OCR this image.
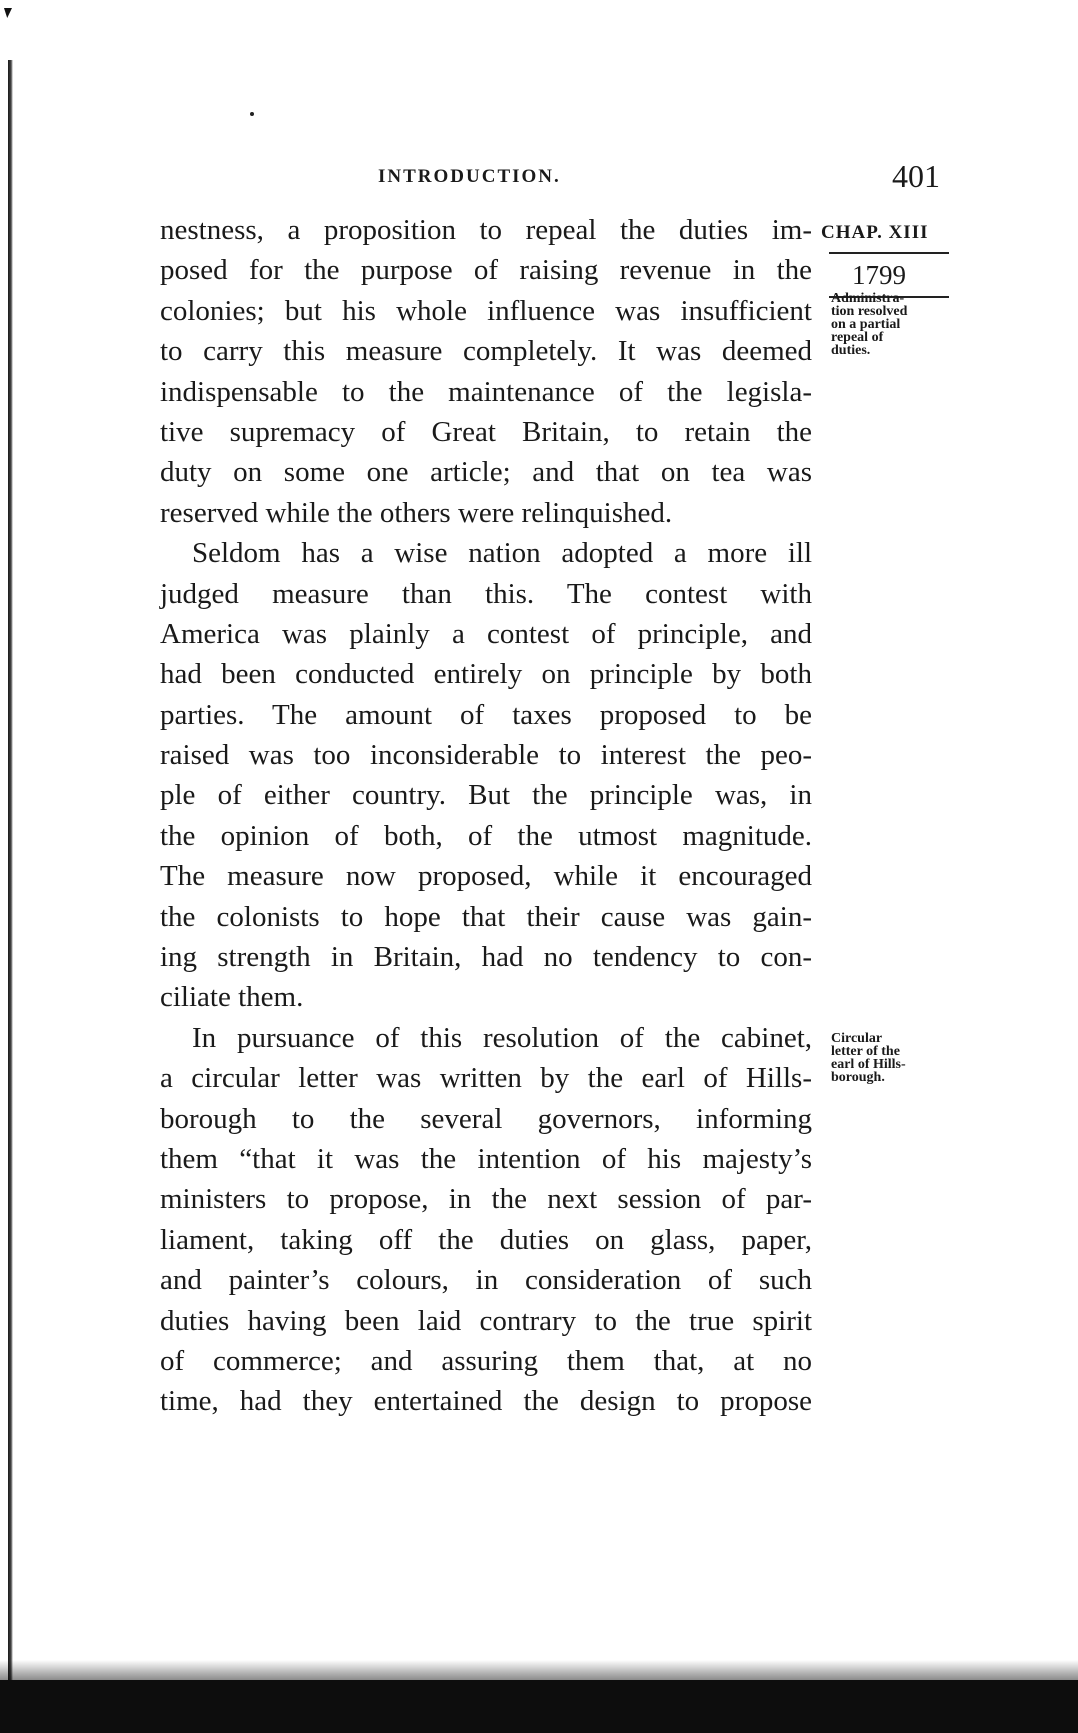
INTRODUCTION.	401
CHAP. XIII
1799
Administra-
tion resolved
on a partial
repeal of
duties.
Circular
letter of the
earl of Hills-
borough.

nestness, a proposition to repeal the duties im-
posed for the purpose of raising revenue in the
colonies; but his whole influence was insufficient
to carry this measure completely. It was deemed
indispensable to the maintenance of the legisla-
tive supremacy of Great Britain, to retain the
duty on some one article; and that on tea was
reserved while the others were relinquished.

Seldom has a wise nation adopted a more ill
judged measure than this. The contest with
America was plainly a contest of principle, and
had been conducted entirely on principle by both
parties. The amount of taxes proposed to be
raised was too inconsiderable to interest the peo-
ple of either country. But the principle was, in
the opinion of both, of the utmost magnitude.
The measure now proposed, while it encouraged
the colonists to hope that their cause was gain-
ing strength in Britain, had no tendency to con-
ciliate them.

In pursuance of this resolution of the cabinet,
a circular letter was written by the earl of Hills-
borough to the several governors, informing
them “that it was the intention of his majesty’s
ministers to propose, in the next session of par-
liament, taking off the duties on glass, paper,
and painter’s colours, in consideration of such
duties having been laid contrary to the true spirit
of commerce; and assuring them that, at no
time, had they entertained the design to propose
